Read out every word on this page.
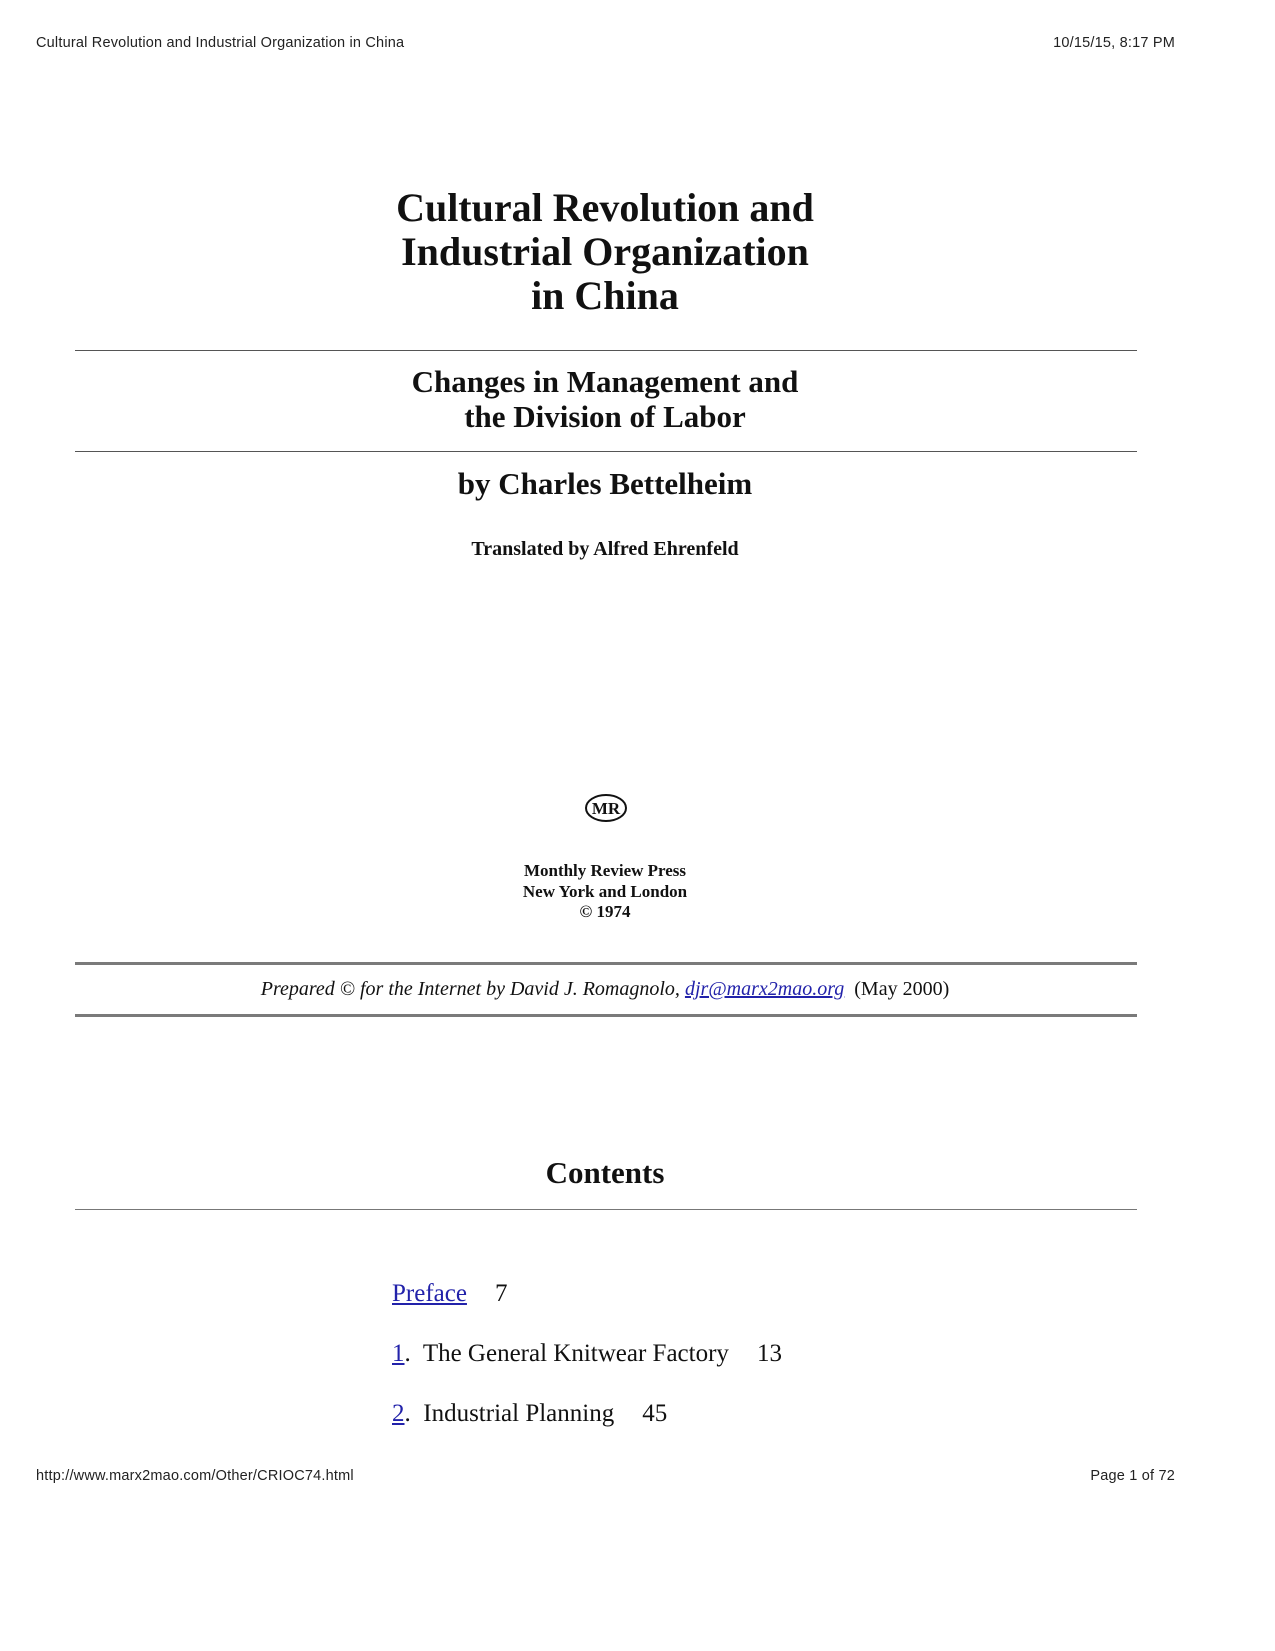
Cultural Revolution and Industrial Organization in China	10/15/15, 8:17 PM
Cultural Revolution and
Industrial Organization
in China
Changes in Management and
the Division of Labor
by Charles Bettelheim
Translated by Alfred Ehrenfeld
MR
Monthly Review Press
New York and London
© 1974
Prepared © for the Internet by David J. Romagnolo, djr@marx2mao.org (May 2000)
Contents
Preface 7
1.  The General Knitwear Factory 13
2.  Industrial Planning 45
http://www.marx2mao.com/Other/CRIOC74.html	Page 1 of 72
